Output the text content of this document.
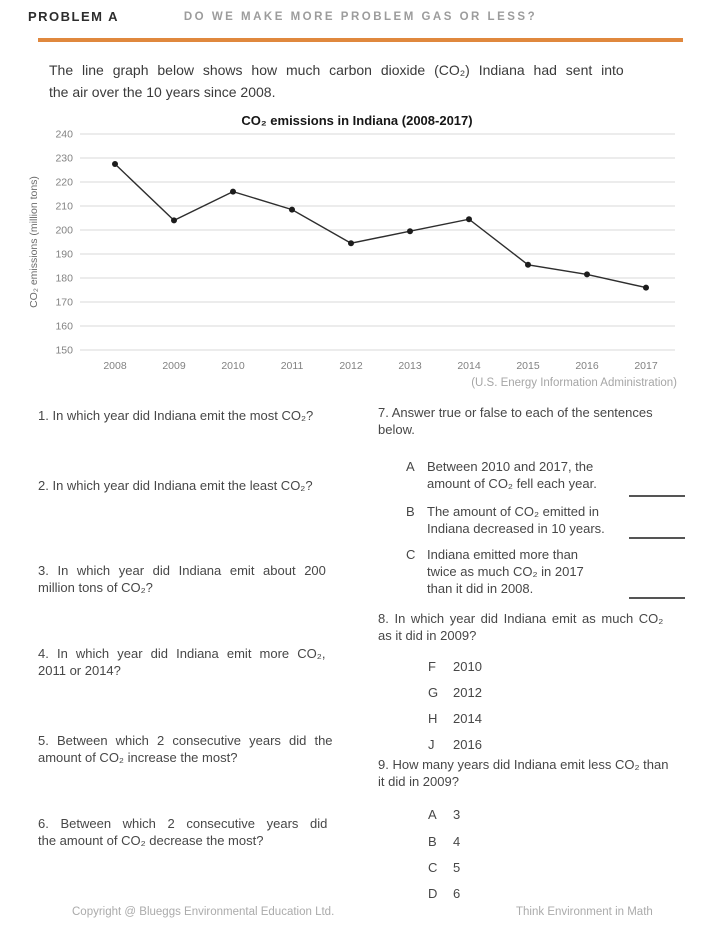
PROBLEM A	DO WE MAKE MORE PROBLEM GAS OR LESS?
The line graph below shows how much carbon dioxide (CO₂) Indiana had sent into
the air over the 10 years since 2008.
CO₂ emissions in Indiana (2008-2017)
150
160
170
180
190
200
210
220
230
240
2008	2009	2010	2011	2012	2013	2014	2015	2016	2017
CO₂ emissions (million tons)
(U.S. Energy Information Administration)
1. In which year did Indiana emit the most CO₂?
2. In which year did Indiana emit the least CO₂?
3. In which year did Indiana emit about 200
million tons of CO₂?
4. In which year did Indiana emit more CO₂,
2011 or 2014?
5. Between which 2 consecutive years did the
amount of CO₂ increase the most?
6. Between which 2 consecutive years did
the amount of CO₂ decrease the most?
7. Answer true or false to each of the sentences
below.
A Between 2010 and 2017, the
amount of CO₂ fell each year.
B The amount of CO₂ emitted in
Indiana decreased in 10 years.
C Indiana emitted more than
twice as much CO₂ in 2017
than it did in 2008.
8. In which year did Indiana emit as much CO₂
as it did in 2009?
F 2010
G 2012
H 2014
J 2016
9. How many years did Indiana emit less CO₂ than
it did in 2009?
A 3
B 4
C 5
D 6
Copyright @ Blueggs Environmental Education Ltd.	Think Environment in Math
